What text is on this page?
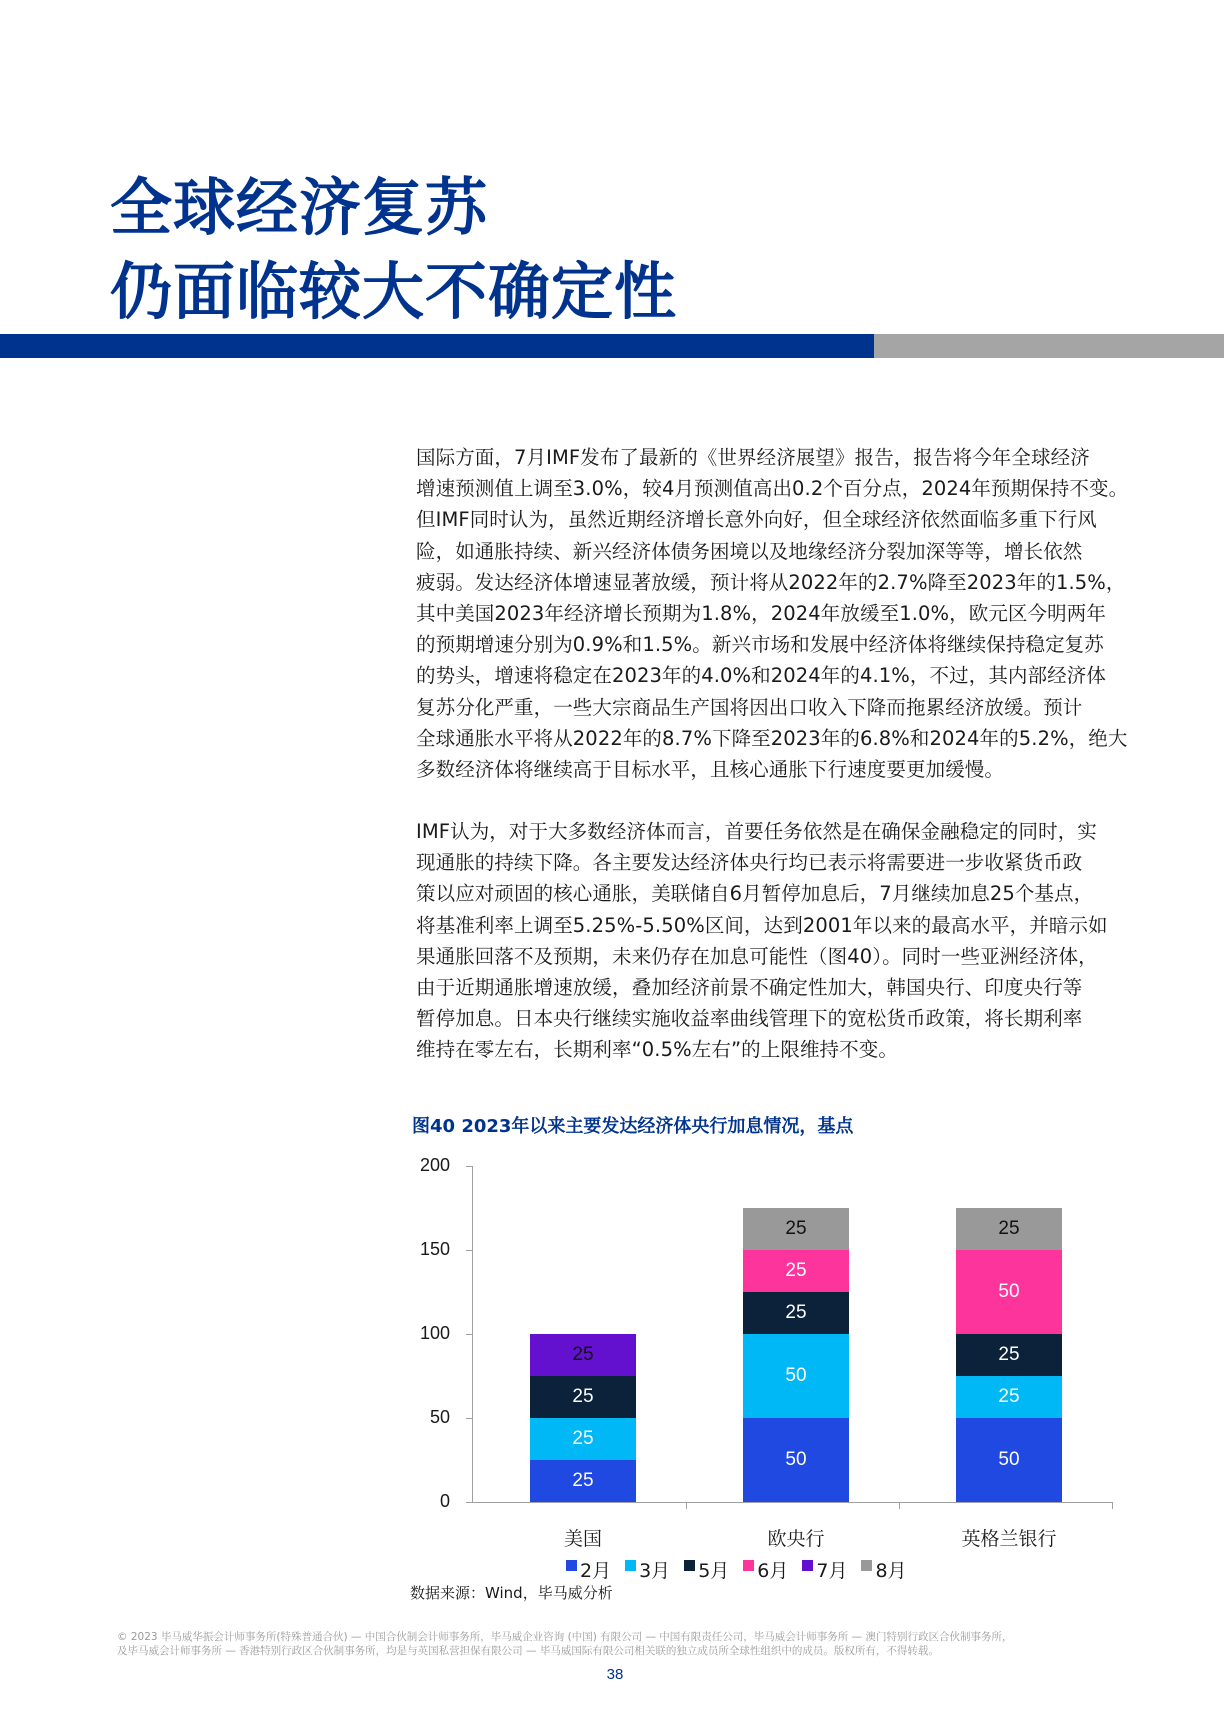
全球经济复苏
仍面临较大不确定性
国际方面，7月IMF发布了最新的《世界经济展望》报告，报告将今年全球经济
增速预测值上调至3.0%，较4月预测值高出0.2个百分点，2024年预期保持不变。
但IMF同时认为，虽然近期经济增长意外向好，但全球经济依然面临多重下行风
险，如通胀持续、新兴经济体债务困境以及地缘经济分裂加深等等，增长依然
疲弱。发达经济体增速显著放缓，预计将从2022年的2.7%降至2023年的1.5%，
其中美国2023年经济增长预期为1.8%，2024年放缓至1.0%，欧元区今明两年
的预期增速分别为0.9%和1.5%。新兴市场和发展中经济体将继续保持稳定复苏
的势头，增速将稳定在2023年的4.0%和2024年的4.1%，不过，其内部经济体
复苏分化严重，一些大宗商品生产国将因出口收入下降而拖累经济放缓。预计
全球通胀水平将从2022年的8.7%下降至2023年的6.8%和2024年的5.2%，绝大
多数经济体将继续高于目标水平，且核心通胀下行速度要更加缓慢。
IMF认为，对于大多数经济体而言，首要任务依然是在确保金融稳定的同时，实
现通胀的持续下降。各主要发达经济体央行均已表示将需要进一步收紧货币政
策以应对顽固的核心通胀，美联储自6月暂停加息后，7月继续加息25个基点，
将基准利率上调至5.25%-5.50%区间，达到2001年以来的最高水平，并暗示如
果通胀回落不及预期，未来仍存在加息可能性（图40）。同时一些亚洲经济体，
由于近期通胀增速放缓，叠加经济前景不确定性加大，韩国央行、印度央行等
暂停加息。日本央行继续实施收益率曲线管理下的宽松货币政策，将长期利率
维持在零左右，长期利率“0.5%左右”的上限维持不变。
图40 2023年以来主要发达经济体央行加息情况，基点
0
50
100
150
200
25
25
25
25
美国
50
50
25
25
25
欧央行
50
25
25
50
25
英格兰银行
2月 3月 5月 6月 7月 8月
数据来源：Wind，毕马威分析
© 2023 毕马威华振会计师事务所(特殊普通合伙) — 中国合伙制会计师事务所，毕马威企业咨询 (中国) 有限公司 — 中国有限责任公司，毕马威会计师事务所 — 澳门特别行政区合伙制事务所，
及毕马威会计师事务所 — 香港特别行政区合伙制事务所，均是与英国私营担保有限公司 — 毕马威国际有限公司相关联的独立成员所全球性组织中的成员。版权所有，不得转载。
38
